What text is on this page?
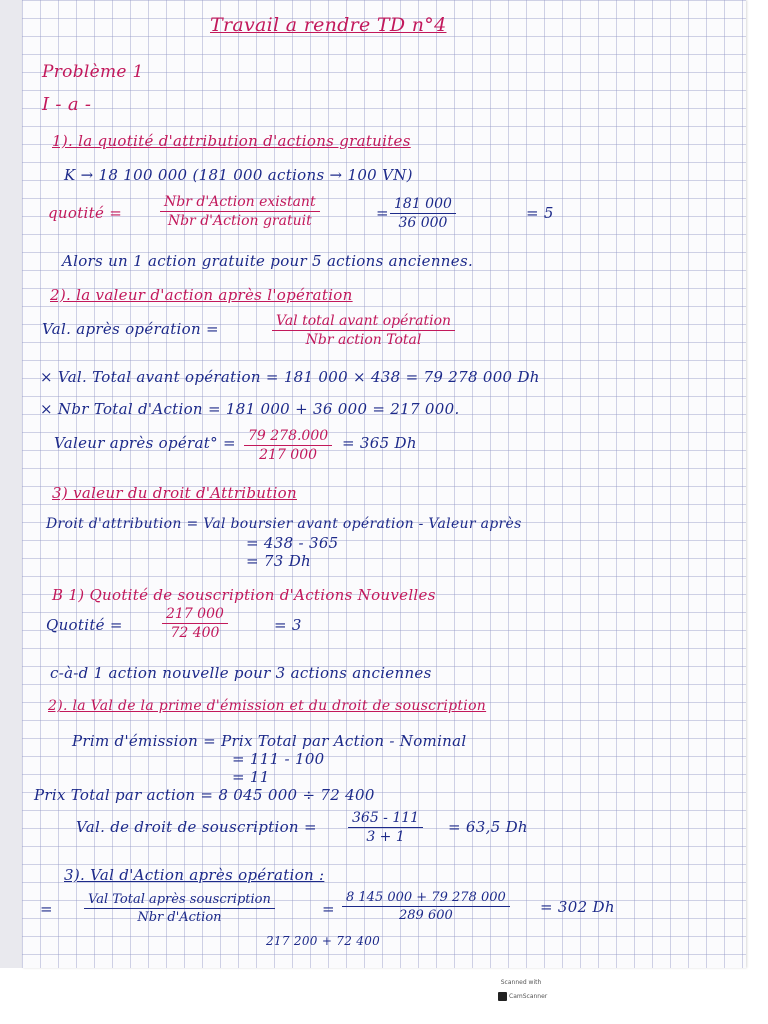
Travail a rendre TD n°4
Problème 1
I - a -
1). la quotité d'attribution d'actions gratuites
K → 18 100 000 (181 000 actions → 100 VN)
quotité =
Nbr d'Action existant
Nbr d'Action gratuit	= $\frac{181 000}{36 000}$	= 5
Alors un 1 action gratuite pour 5 actions anciennes.
2). la valeur d'action après l'opération
Val. après opération =	Val total avant opération
Nbr action Total
× Val. Total avant opération = 181 000 × 438 = 79 278 000 Dh
× Nbr Total d'Action = 181 000 + 36 000 = 217 000.
Valeur après opérat° = $\frac{79 278.000}{217 000} = 365$ Dh
3) valeur du droit d'Attribution
Droit d'attribution = Val boursier avant opération - Valeur après
= 438 - 365
= 73 Dh
B 1) Quotité de souscription d'Actions Nouvelles
Quotité =	$\frac{217 000}{72 400}$	= 3
c-à-d 1 action nouvelle pour 3 actions anciennes
2). la Val de la prime d'émission et du droit de souscription
Prim d'émission = Prix Total par Action - Nominal
= 111 - 100
= 11
Prix Total par action = 8 045 000 ÷ 72 400
Val. de droit de souscription = $\frac{365 - 111}{3 + 1} = 63,5$ Dh
3). Val d'Action après opération :
=
Val Total après souscription
Nbr d'Action	= $\frac{8 145 000 + 79 278 000}{289 600} = 302$ Dh
217 200 + 72 400
Scanned with
CamScanner
